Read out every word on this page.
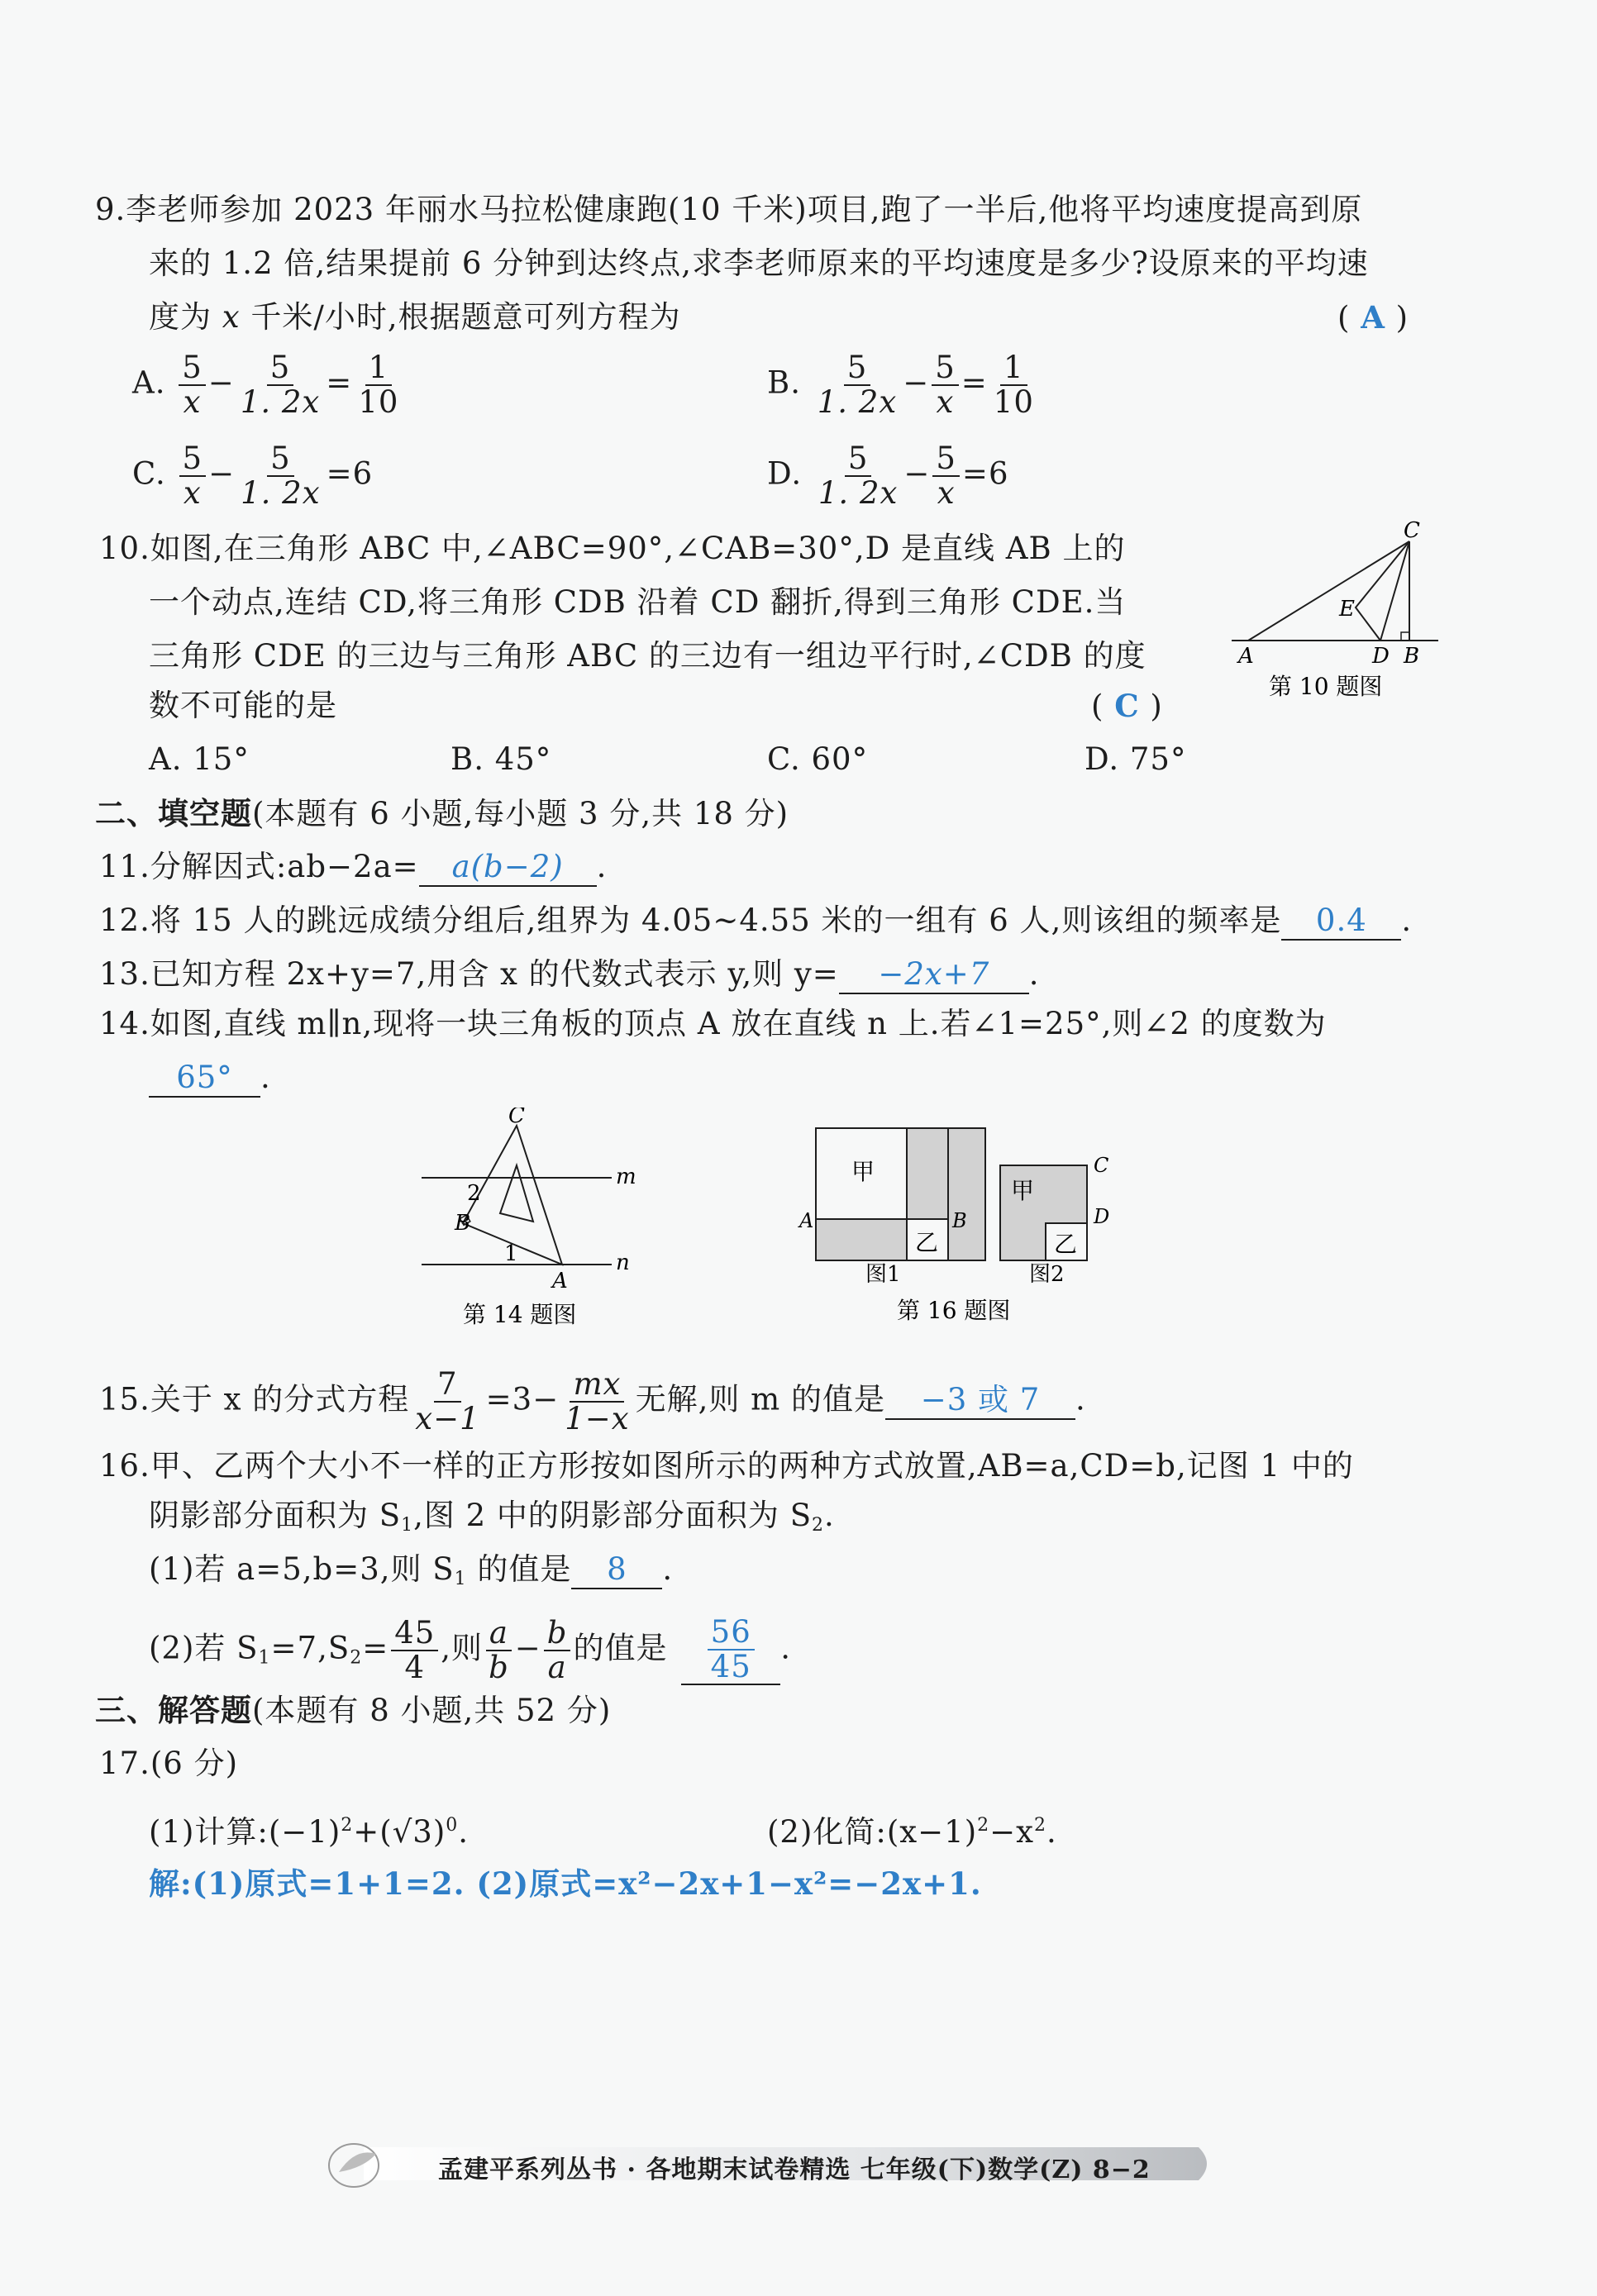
9.李老师参加 2023 年丽水马拉松健康跑(10 千米)项目,跑了一半后,他将平均速度提高到原
来的 1.2 倍,结果提前 6 分钟到达终点,求李老师原来的平均速度是多少?设原来的平均速
度为 x 千米/小时,根据题意可列方程为	( A )
A. $\frac{5}{x} - \frac{5}{1. 2x} = \frac{1}{10}$	B. $\frac{5}{1. 2x} - \frac{5}{x} = \frac{1}{10}$
C. $\frac{5}{x} - \frac{5}{1. 2x} =6$	D. $\frac{5}{1. 2x} - \frac{5}{x} =6$
10.如图,在三角形 ABC 中,∠ABC=90°,∠CAB=30°,D 是直线 AB 上的
一个动点,连结 CD,将三角形 CDB 沿着 CD 翻折,得到三角形 CDE.当
三角形 CDE 的三边与三角形 ABC 的三边有一组边平行时,∠CDB 的度
数不可能的是	( C )
A. 15°	B. 45°	C. 60°	D. 75°
C
E
A	D B
第 10 题图
二、填空题(本题有 6 小题,每小题 3 分,共 18 分)
11.分解因式:ab−2a= a(b−2) .
12.将 15 人的跳远成绩分组后,组界为 4.05~4.55 米的一组有 6 人,则该组的频率是 0.4 .
13.已知方程 2x+y=7,用含 x 的代数式表示 y,则 y= −2x+7 .
14.如图,直线 m∥n,现将一块三角板的顶点 A 放在直线 n 上.若∠1=25°,则∠2 的度数为
65° .
C
m
2
B
1
A
n
第 14 题图
甲
乙
A	B
图1
甲
乙
C
D
图2
第 16 题图
15.关于 x 的分式方程 $\frac{7}{x-1} =3- \frac{mx}{1-x}$ 无解,则 m 的值是 −3 或 7 .
16.甲、乙两个大小不一样的正方形按如图所示的两种方式放置,AB=a,CD=b,记图 1 中的
阴影部分面积为 $S_1$,图 2 中的阴影部分面积为 $S_2$.
(1)若 a=5,b=3,则 $S_1$ 的值是 8 .
(2)若 $S_1=7,S_2= \frac{45}{4}$ ,则 $\frac{a}{b} - \frac{b}{a}$ 的值是 $\frac{56}{45}$ .
三、解答题(本题有 8 小题,共 52 分)
17.(6 分)
(1)计算$:(-1)^2+(√3)^0$.	(2)化简$:(x-1)^2-x^2$.
解:(1)原式=1+1=2. (2)原式=x²−2x+1−x²=−2x+1.
孟建平系列丛书 · 各地期末试卷精选 七年级(下)数学(Z) 8−2
